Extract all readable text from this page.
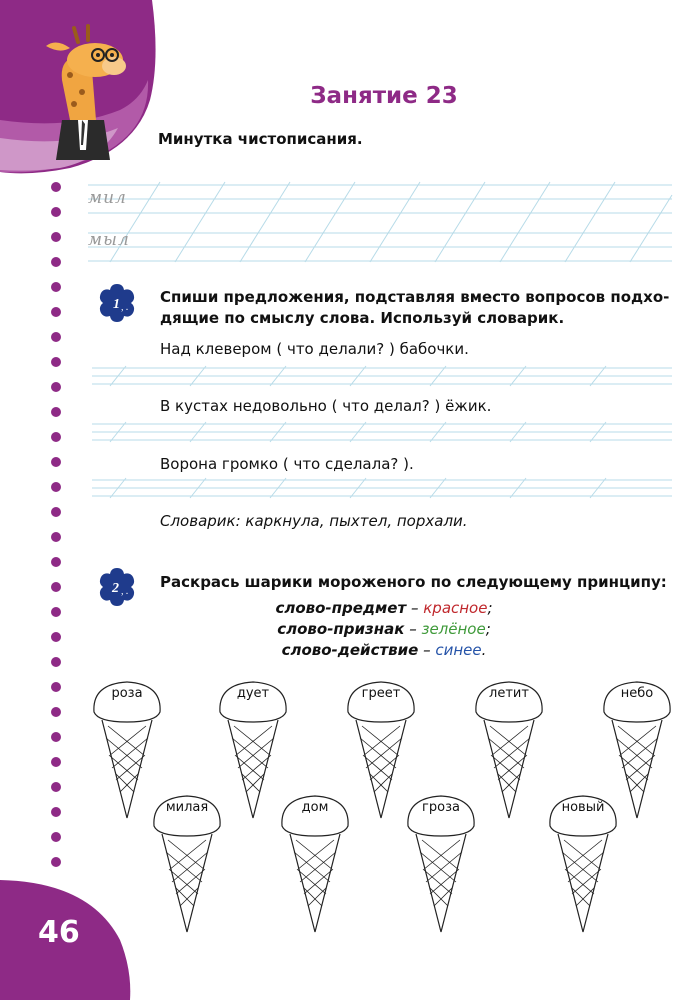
Занятие 23
Минутка чистописания.
мил
мыл
1 , .
Спиши предложения, подставляя вместо вопросов подхо-
дящие по смыслу слова. Используй словарик.
Над клевером ( что делали? ) бабочки.
В кустах недовольно ( что делал? ) ёжик.
Ворона громко ( что сделала? ).
Словарик: каркнула, пыхтел, порхали.
2 , .
Раскрась шарики мороженого по следующему принципу:
слово-предмет – красное;
слово-признак – зелёное;
слово-действие – синее.
роза	дует	греет	летит	небо
милая	дом	гроза	новый
46
